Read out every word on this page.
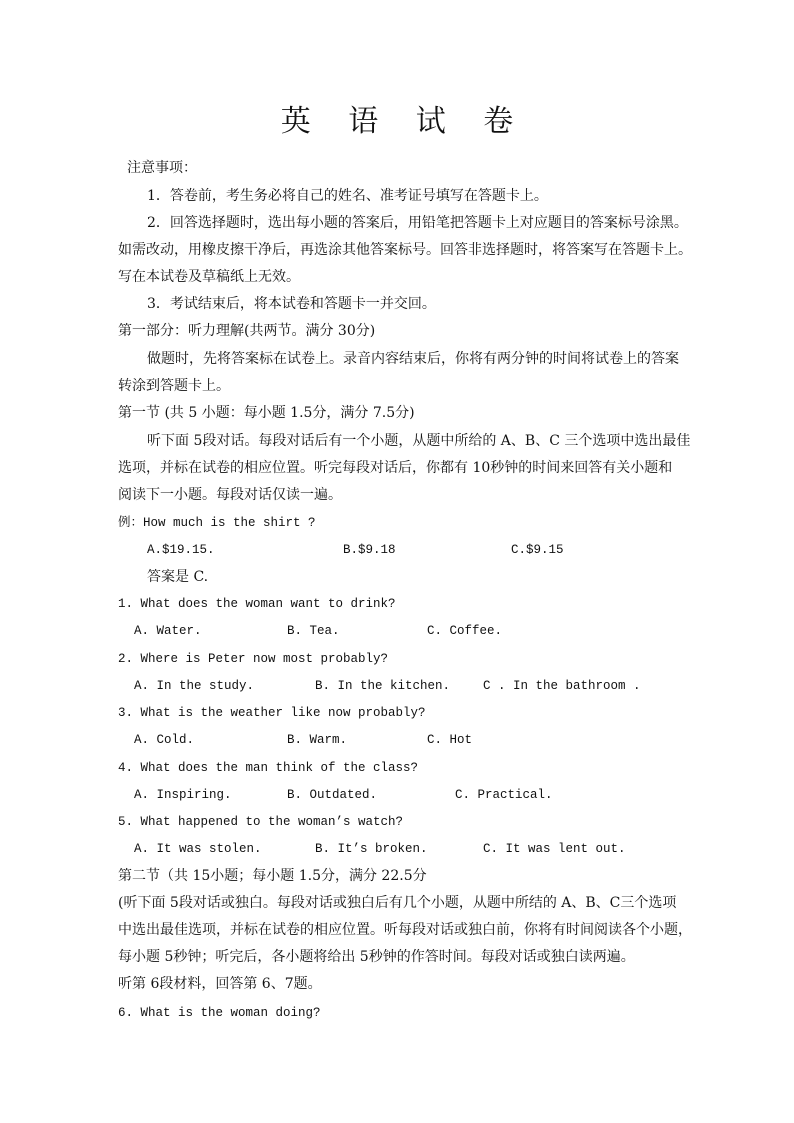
英 语 试 卷
注意事项：
1．答卷前，考生务必将自己的姓名、准考证号填写在答题卡上。
2．回答选择题时，选出每小题的答案后，用铅笔把答题卡上对应题目的答案标号涂黑。
如需改动，用橡皮擦干净后，再选涂其他答案标号。回答非选择题时，将答案写在答题卡上。
写在本试卷及草稿纸上无效。
3．考试结束后，将本试卷和答题卡一并交回。
第一部分：听力理解(共两节。满分 30分)
做题时，先将答案标在试卷上。录音内容结束后，你将有两分钟的时间将试卷上的答案
转涂到答题卡上。
第一节 (共 5 小题：每小题 1.5分，满分 7.5分)
听下面 5段对话。每段对话后有一个小题，从题中所给的 A、B、C 三个选项中选出最佳
选项，并标在试卷的相应位置。听完每段对话后，你都有 10秒钟的时间来回答有关小题和
阅读下一小题。每段对话仅读一遍。
例：How much is the shirt ?
A.$19.15.	B.$9.18	C.$9.15
答案是 C.
1. What does the woman want to drink?
A. Water.	B. Tea.	C. Coffee.
2. Where is Peter now most probably?
A. In the study.	B. In the kitchen.	C . In the bathroom .
3. What is the weather like now probably?
A. Cold.	B. Warm.	C. Hot
4. What does the man think of the class?
A. Inspiring.	B. Outdated.	C. Practical.
5. What happened to the woman’s watch?
A. It was stolen.	B. It’s broken.	C. It was lent out.
第二节（共 15小题；每小题 1.5分，满分 22.5分
(听下面 5段对话或独白。每段对话或独白后有几个小题，从题中所结的 A、B、C三个选项
中选出最佳选项，并标在试卷的相应位置。听每段对话或独白前，你将有时间阅读各个小题，
每小题 5秒钟；听完后，各小题将给出 5秒钟的作答时间。每段对话或独白读两遍。
听第 6段材料，回答第 6、7题。
6. What is the woman doing?
